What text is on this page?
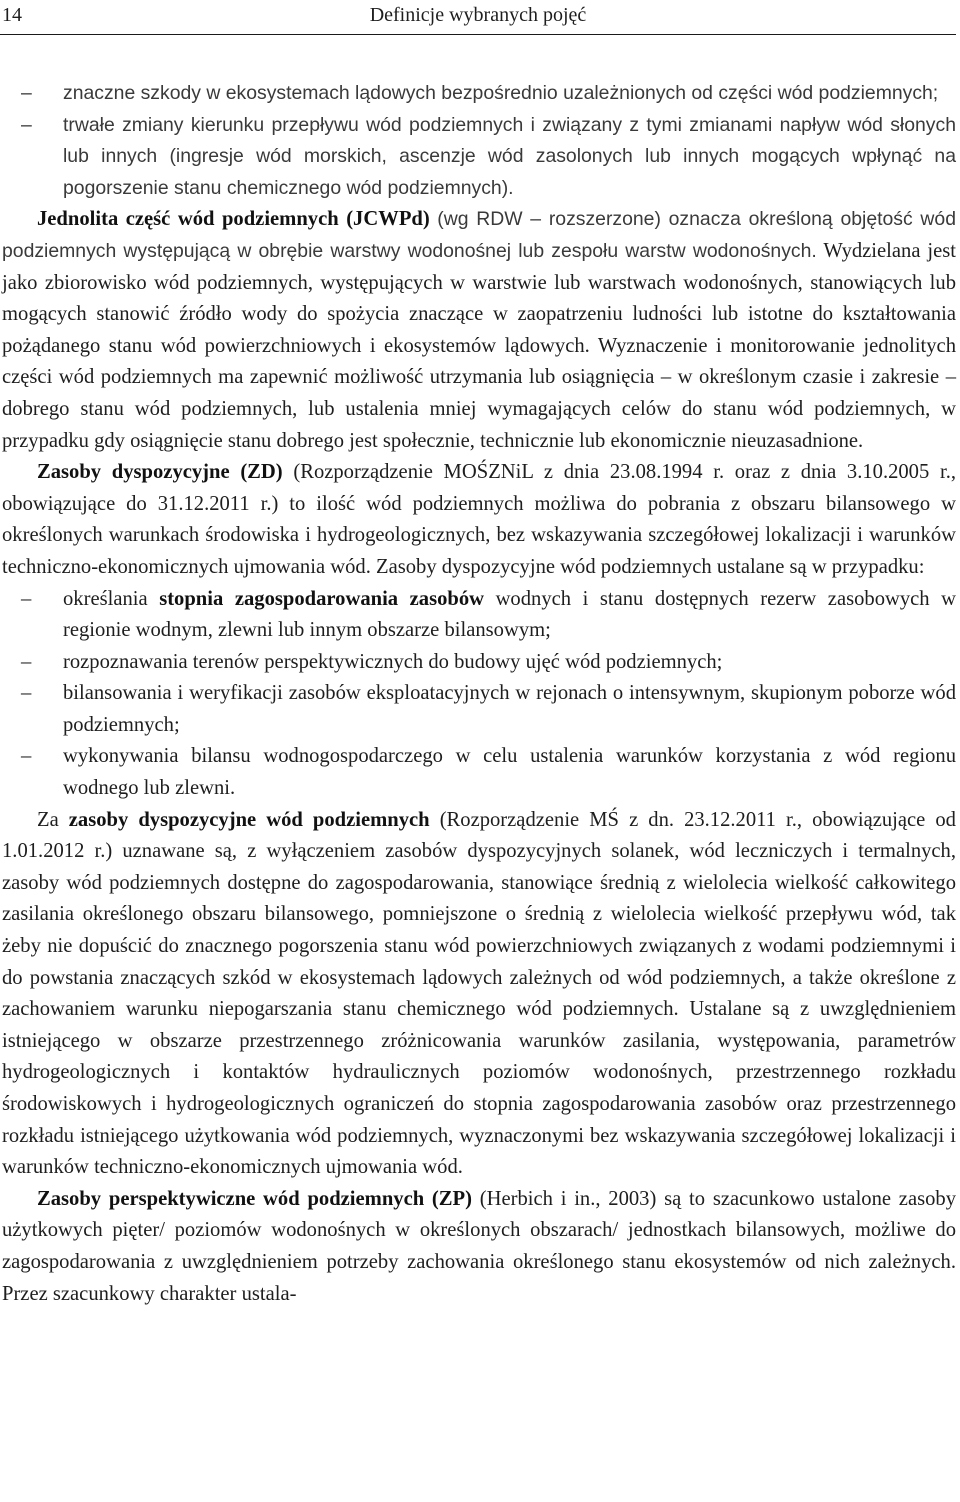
14	Definicje wybranych pojęć
– znaczne szkody w ekosystemach lądowych bezpośrednio uzależnionych od części wód podziemnych;
– trwałe zmiany kierunku przepływu wód podziemnych i związany z tymi zmianami napływ wód słonych lub innych (ingresje wód morskich, ascenzje wód zasolonych lub innych mogących wpłynąć na pogorszenie stanu chemicznego wód podziemnych).
Jednolita część wód podziemnych (JCWPd) (wg RDW – rozszerzone) oznacza określoną objętość wód podziemnych występującą w obrębie warstwy wodonośnej lub zespołu warstw wodonośnych. Wydzielana jest jako zbiorowisko wód podziemnych, występujących w warstwie lub warstwach wodonośnych, stanowiących lub mogących stanowić źródło wody do spożycia znaczące w zaopatrzeniu ludności lub istotne do kształtowania pożądanego stanu wód powierzchniowych i ekosystemów lądowych. Wyznaczenie i monitorowanie jednolitych części wód podziemnych ma zapewnić możliwość utrzymania lub osiągnięcia – w określonym czasie i zakresie – dobrego stanu wód podziemnych, lub ustalenia mniej wymagających celów do stanu wód podziemnych, w przypadku gdy osiągnięcie stanu dobrego jest społecznie, technicznie lub ekonomicznie nieuzasadnione.
Zasoby dyspozycyjne (ZD) (Rozporządzenie MOŚZNiL z dnia 23.08.1994 r. oraz z dnia 3.10.2005 r., obowiązujące do 31.12.2011 r.) to ilość wód podziemnych możliwa do pobrania z obszaru bilansowego w określonych warunkach środowiska i hydrogeologicznych, bez wskazywania szczegółowej lokalizacji i warunków techniczno-ekonomicznych ujmowania wód. Zasoby dyspozycyjne wód podziemnych ustalane są w przypadku:
– określania stopnia zagospodarowania zasobów wodnych i stanu dostępnych rezerw zasobowych w regionie wodnym, zlewni lub innym obszarze bilansowym;
– rozpoznawania terenów perspektywicznych do budowy ujęć wód podziemnych;
– bilansowania i weryfikacji zasobów eksploatacyjnych w rejonach o intensywnym, skupionym poborze wód podziemnych;
– wykonywania bilansu wodnogospodarczego w celu ustalenia warunków korzystania z wód regionu wodnego lub zlewni.
Za zasoby dyspozycyjne wód podziemnych (Rozporządzenie MŚ z dn. 23.12.2011 r., obowiązujące od 1.01.2012 r.) uznawane są, z wyłączeniem zasobów dyspozycyjnych solanek, wód leczniczych i termalnych, zasoby wód podziemnych dostępne do zagospodarowania, stanowiące średnią z wielolecia wielkość całkowitego zasilania określonego obszaru bilansowego, pomniejszone o średnią z wielolecia wielkość przepływu wód, tak żeby nie dopuścić do znacznego pogorszenia stanu wód powierzchniowych związanych z wodami podziemnymi i do powstania znaczących szkód w ekosystemach lądowych zależnych od wód podziemnych, a także określone z zachowaniem warunku niepogarszania stanu chemicznego wód podziemnych. Ustalane są z uwzględnieniem istniejącego w obszarze przestrzennego zróżnicowania warunków zasilania, występowania, parametrów hydrogeologicznych i kontaktów hydraulicznych poziomów wodonośnych, przestrzennego rozkładu środowiskowych i hydrogeologicznych ograniczeń do stopnia zagospodarowania zasobów oraz przestrzennego rozkładu istniejącego użytkowania wód podziemnych, wyznaczonymi bez wskazywania szczegółowej lokalizacji i warunków techniczno-ekonomicznych ujmowania wód.
Zasoby perspektywiczne wód podziemnych (ZP) (Herbich i in., 2003) są to szacunkowo ustalone zasoby użytkowych pięter/ poziomów wodonośnych w określonych obszarach/ jednostkach bilansowych, możliwe do zagospodarowania z uwzględnieniem potrzeby zachowania określonego stanu ekosystemów od nich zależnych. Przez szacunkowy charakter ustala-
